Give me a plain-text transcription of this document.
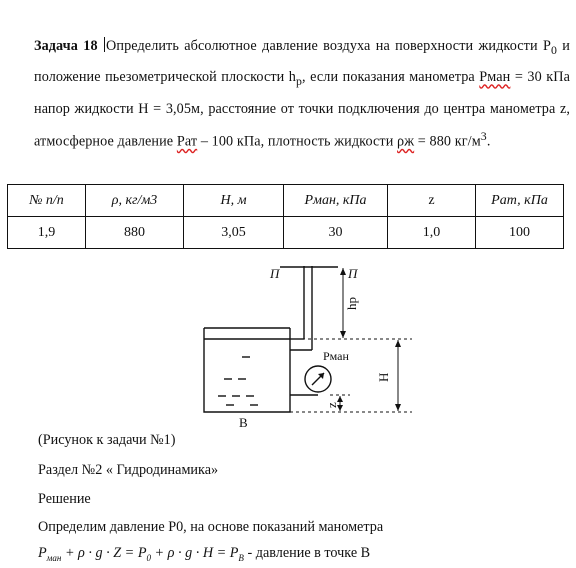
Задача 18 Определить абсолютное давление воздуха на поверхности жидкости $P_0$ и положение пьезометрической плоскости $h_p$, если показания манометра Pман = 30 кПа напор жидкости H = 3,05м, расстояние от точки подключения до центра манометра z, атмосферное давление Pат – 100 кПа, плотность жидкости ρж = 880 $кг/м^3$.
№ п/п	ρ, кг/м3	H, м	Pман, кПа	z	Pат, кПа
1,9	880	3,05	30	1,0	100
П	П
hp
Pман
H
z
B
(Рисунок к задачи №1)
Раздел №2 « Гидродинамика»
Решение
Определим давление P0, на основе показаний манометра
$P_{ман} + \rho \cdot g \cdot Z = P_0 + \rho \cdot g \cdot H = P_B$ - давление в точке B
